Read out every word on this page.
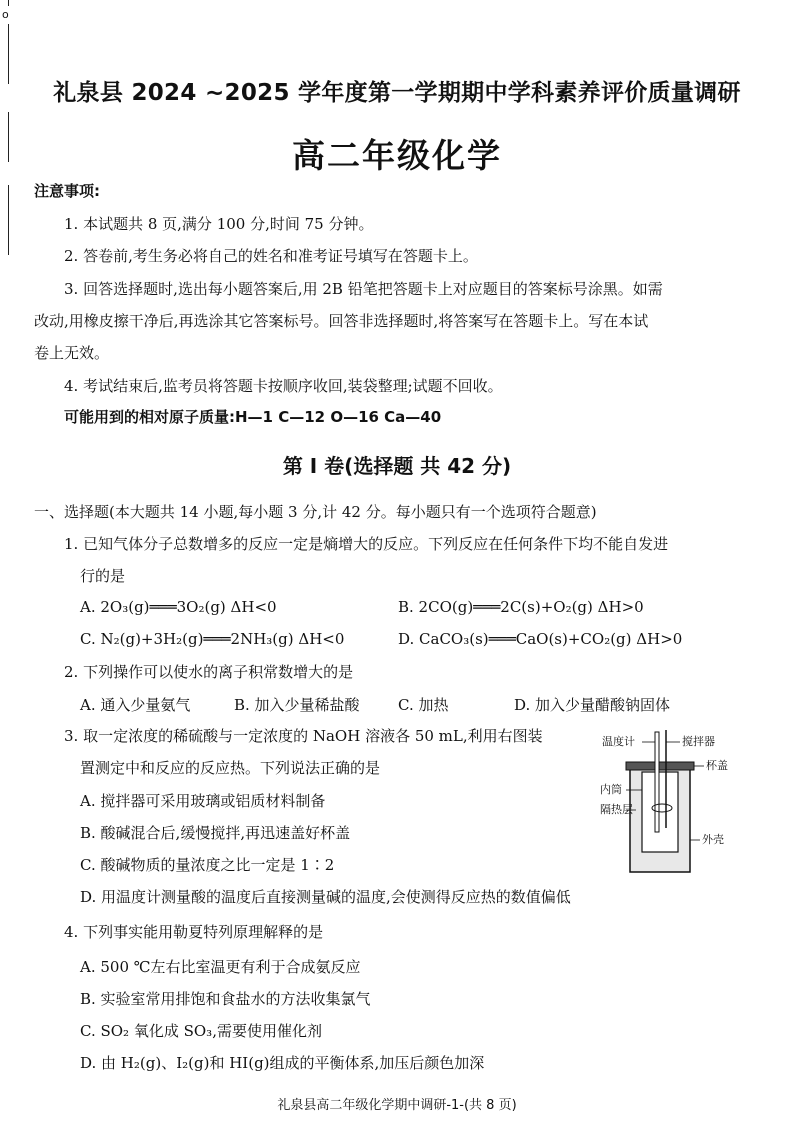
o
礼泉县 2024 ~2025 学年度第一学期期中学科素养评价质量调研
高二年级化学
注意事项:
1. 本试题共 8 页,满分 100 分,时间 75 分钟。
2. 答卷前,考生务必将自己的姓名和准考证号填写在答题卡上。
3. 回答选择题时,选出每小题答案后,用 2B 铅笔把答题卡上对应题目的答案标号涂黑。如需
改动,用橡皮擦干净后,再选涂其它答案标号。回答非选择题时,将答案写在答题卡上。写在本试
卷上无效。
4. 考试结束后,监考员将答题卡按顺序收回,装袋整理;试题不回收。
可能用到的相对原子质量:H—1 C—12 O—16 Ca—40
第 Ⅰ 卷(选择题 共 42 分)
一、选择题(本大题共 14 小题,每小题 3 分,计 42 分。每小题只有一个选项符合题意)
1. 已知气体分子总数增多的反应一定是熵增大的反应。下列反应在任何条件下均不能自发进
行的是
A. 2O₃(g)═══3O₂(g) ΔH<0	B. 2CO(g)═══2C(s)+O₂(g) ΔH>0
C. N₂(g)+3H₂(g)═══2NH₃(g) ΔH<0	D. CaCO₃(s)═══CaO(s)+CO₂(g) ΔH>0
2. 下列操作可以使水的离子积常数增大的是
A. 通入少量氨气	B. 加入少量稀盐酸	C. 加热	D. 加入少量醋酸钠固体
3. 取一定浓度的稀硫酸与一定浓度的 NaOH 溶液各 50 mL,利用右图装
置测定中和反应的反应热。下列说法正确的是
A. 搅拌器可采用玻璃或铝质材料制备
B. 酸碱混合后,缓慢搅拌,再迅速盖好杯盖
C. 酸碱物质的量浓度之比一定是 1∶2
D. 用温度计测量酸的温度后直接测量碱的温度,会使测得反应热的数值偏低
温度计	搅拌器
杯盖
内筒
隔热层
外壳
4. 下列事实能用勒夏特列原理解释的是
A. 500 ℃左右比室温更有利于合成氨反应
B. 实验室常用排饱和食盐水的方法收集氯气
C. SO₂ 氧化成 SO₃,需要使用催化剂
D. 由 H₂(g)、I₂(g)和 HI(g)组成的平衡体系,加压后颜色加深
礼泉县高二年级化学期中调研-1-(共 8 页)
